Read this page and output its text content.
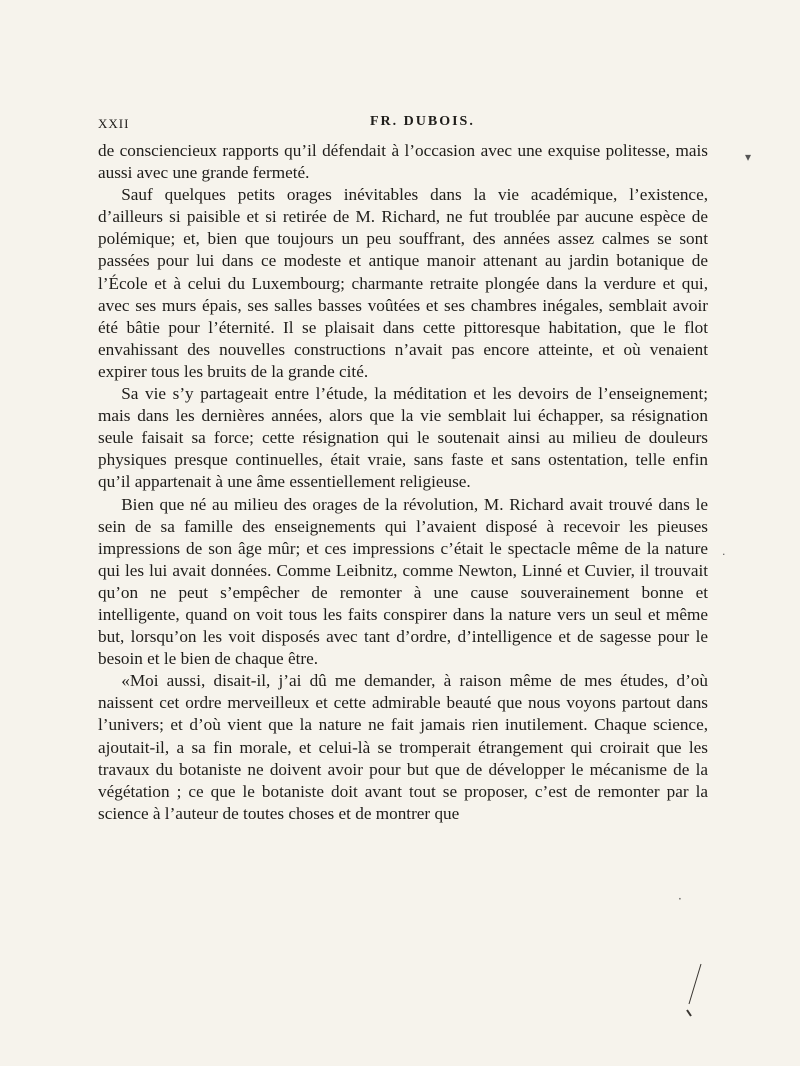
XXII	FR. DUBOIS.

de consciencieux rapports qu’il défendait à l’occasion avec une exquise politesse, mais aussi avec une grande fermeté.

Sauf quelques petits orages inévitables dans la vie académique, l’existence, d’ailleurs si paisible et si retirée de M. Richard, ne fut troublée par aucune espèce de polémique; et, bien que toujours un peu souffrant, des années assez calmes se sont passées pour lui dans ce modeste et antique manoir attenant au jardin botanique de l’École et à celui du Luxembourg; charmante retraite plongée dans la verdure et qui, avec ses murs épais, ses salles basses voûtées et ses chambres inégales, semblait avoir été bâtie pour l’éternité. Il se plaisait dans cette pittoresque habitation, que le flot envahissant des nouvelles constructions n’avait pas encore atteinte, et où venaient expirer tous les bruits de la grande cité.

Sa vie s’y partageait entre l’étude, la méditation et les devoirs de l’enseignement; mais dans les dernières années, alors que la vie semblait lui échapper, sa résignation seule faisait sa force; cette résignation qui le soutenait ainsi au milieu de douleurs physiques presque continuelles, était vraie, sans faste et sans ostentation, telle enfin qu’il appartenait à une âme essentiellement religieuse.

Bien que né au milieu des orages de la révolution, M. Richard avait trouvé dans le sein de sa famille des enseignements qui l’avaient disposé à recevoir les pieuses impressions de son âge mûr; et ces impressions c’était le spectacle même de la nature qui les lui avait données. Comme Leibnitz, comme Newton, Linné et Cuvier, il trouvait qu’on ne peut s’empêcher de remonter à une cause souverainement bonne et intelligente, quand on voit tous les faits conspirer dans la nature vers un seul et même but, lorsqu’on les voit disposés avec tant d’ordre, d’intelligence et de sagesse pour le besoin et le bien de chaque être.

«Moi aussi, disait-il, j’ai dû me demander, à raison même de mes études, d’où naissent cet ordre merveilleux et cette admirable beauté que nous voyons partout dans l’univers; et d’où vient que la nature ne fait jamais rien inutilement. Chaque science, ajoutait-il, a sa fin morale, et celui-là se tromperait étrangement qui croirait que les travaux du botaniste ne doivent avoir pour but que de développer le mécanisme de la végétation ; ce que le botaniste doit avant tout se proposer, c’est de remonter par la science à l’auteur de toutes choses et de montrer que

▾
·
·
